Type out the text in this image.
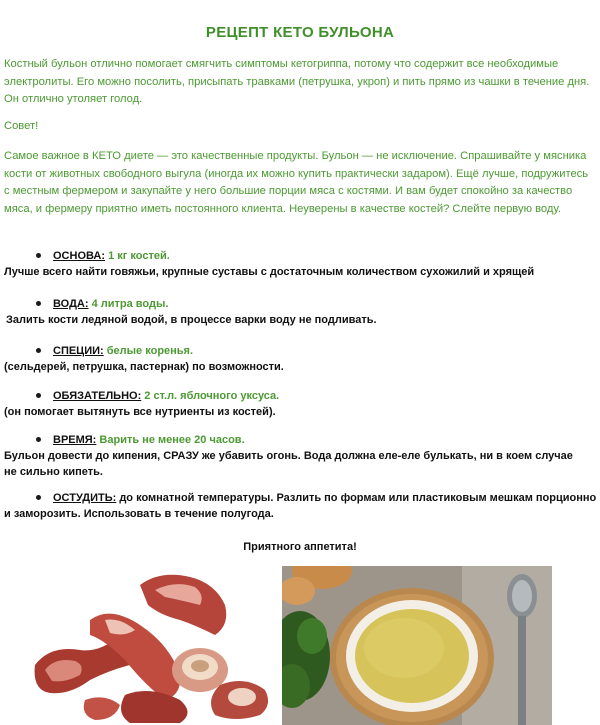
РЕЦЕПТ КЕТО БУЛЬОНА
Костный бульон отлично помогает смягчить симптомы кетогриппа, потому что содержит все необходимые электролиты. Его можно посолить, присыпать травками (петрушка, укроп) и пить прямо из чашки в течение дня. Он отлично утоляет голод.
Совет!
Самое важное в КЕТО диете — это качественные продукты. Бульон — не исключение. Спрашивайте у мясника кости от животных свободного выгула (иногда их можно купить практически задаром). Ещё лучше, подружитесь с местным фермером и закупайте у него большие порции мяса с костями. И вам будет спокойно за качество мяса, и фермеру приятно иметь постоянного клиента. Неуверены в качестве костей? Слейте первую воду.
ОСНОВА: 1 кг костей.
Лучше всего найти говяжьи, крупные суставы с достаточным количеством сухожилий и хрящей
ВОДА: 4 литра воды.
Залить кости ледяной водой, в процессе варки воду не подливать.
СПЕЦИИ: белые коренья.
(сельдерей, петрушка, пастернак) по возможности.
ОБЯЗАТЕЛЬНО: 2 ст.л. яблочного уксуса.
(он помогает вытянуть все нутриенты из костей).
ВРЕМЯ: Варить не менее 20 часов.
Бульон довести до кипения, СРАЗУ же убавить огонь. Вода должна еле-еле булькать, ни в коем случае не сильно кипеть.
ОСТУДИТЬ: до комнатной температуры. Разлить по формам или пластиковым мешкам порционно
и заморозить. Использовать в течение полугода.
Приятного аппетита!
